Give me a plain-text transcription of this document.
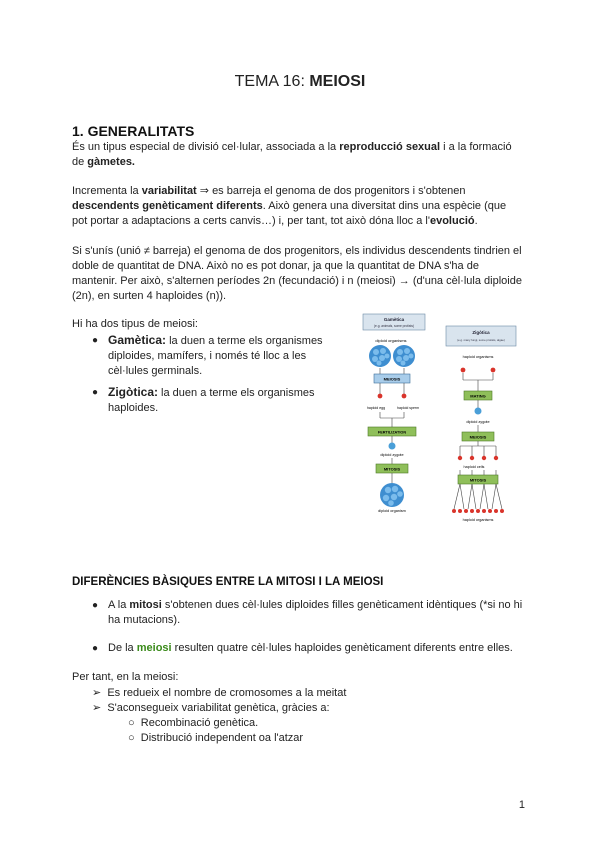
TEMA 16: MEIOSI
1. GENERALITATS
És un tipus especial de divisió cel·lular, associada a la reproducció sexual i a la formació
de gàmetes.
Incrementa la variabilitat ⇒ es barreja el genoma de dos progenitors i s'obtenen
descendents genèticament diferents. Això genera una diversitat dins una espècie (que
pot portar a adaptacions a certs canvis…) i, per tant, tot això dóna lloc a l'evolució.
Si s'unís (unió ≠ barreja) el genoma de dos progenitors, els individus descendents tindrien el
doble de quantitat de DNA. Això no es pot donar, ja que la quantitat de DNA s'ha de
mantenir. Per això, s'alternen períodes 2n (fecundació) i n (meiosi) → (d'una cèl·lula diploide
(2n), en surten 4 haploides (n)).
Hi ha dos tipus de meiosi:
● Gamètica: la duen a terme els organismes
diploides, mamífers, i només té lloc a les
cèl·lules germinals.
● Zigòtica: la duen a terme els organismes
haploides.
Gamètica
(e.g. animals, some protists)
Zigòtica
(e.g. many fungi, some protists, algae)
diploid organisms
MEIOSIS
haploid egg	haploid sperm
FERTILIZATION
diploid zygote
MITOSIS
diploid organism
haploid organisms
MATING
diploid zygote
MEIOSIS
haploid cells
MITOSIS
haploid organisms
DIFERÈNCIES BÀSIQUES ENTRE LA MITOSI I LA MEIOSI
● A la mitosi s'obtenen dues cèl·lules diploides filles genèticament idèntiques (*si no hi
ha mutacions).
● De la meiosi resulten quatre cèl·lules haploides genèticament diferents entre elles.
Per tant, en la meiosi:
➢ Es redueix el nombre de cromosomes a la meitat
➢ S'aconsegueix variabilitat genètica, gràcies a:
○ Recombinació genètica.
○ Distribució independent oa l'atzar
1
